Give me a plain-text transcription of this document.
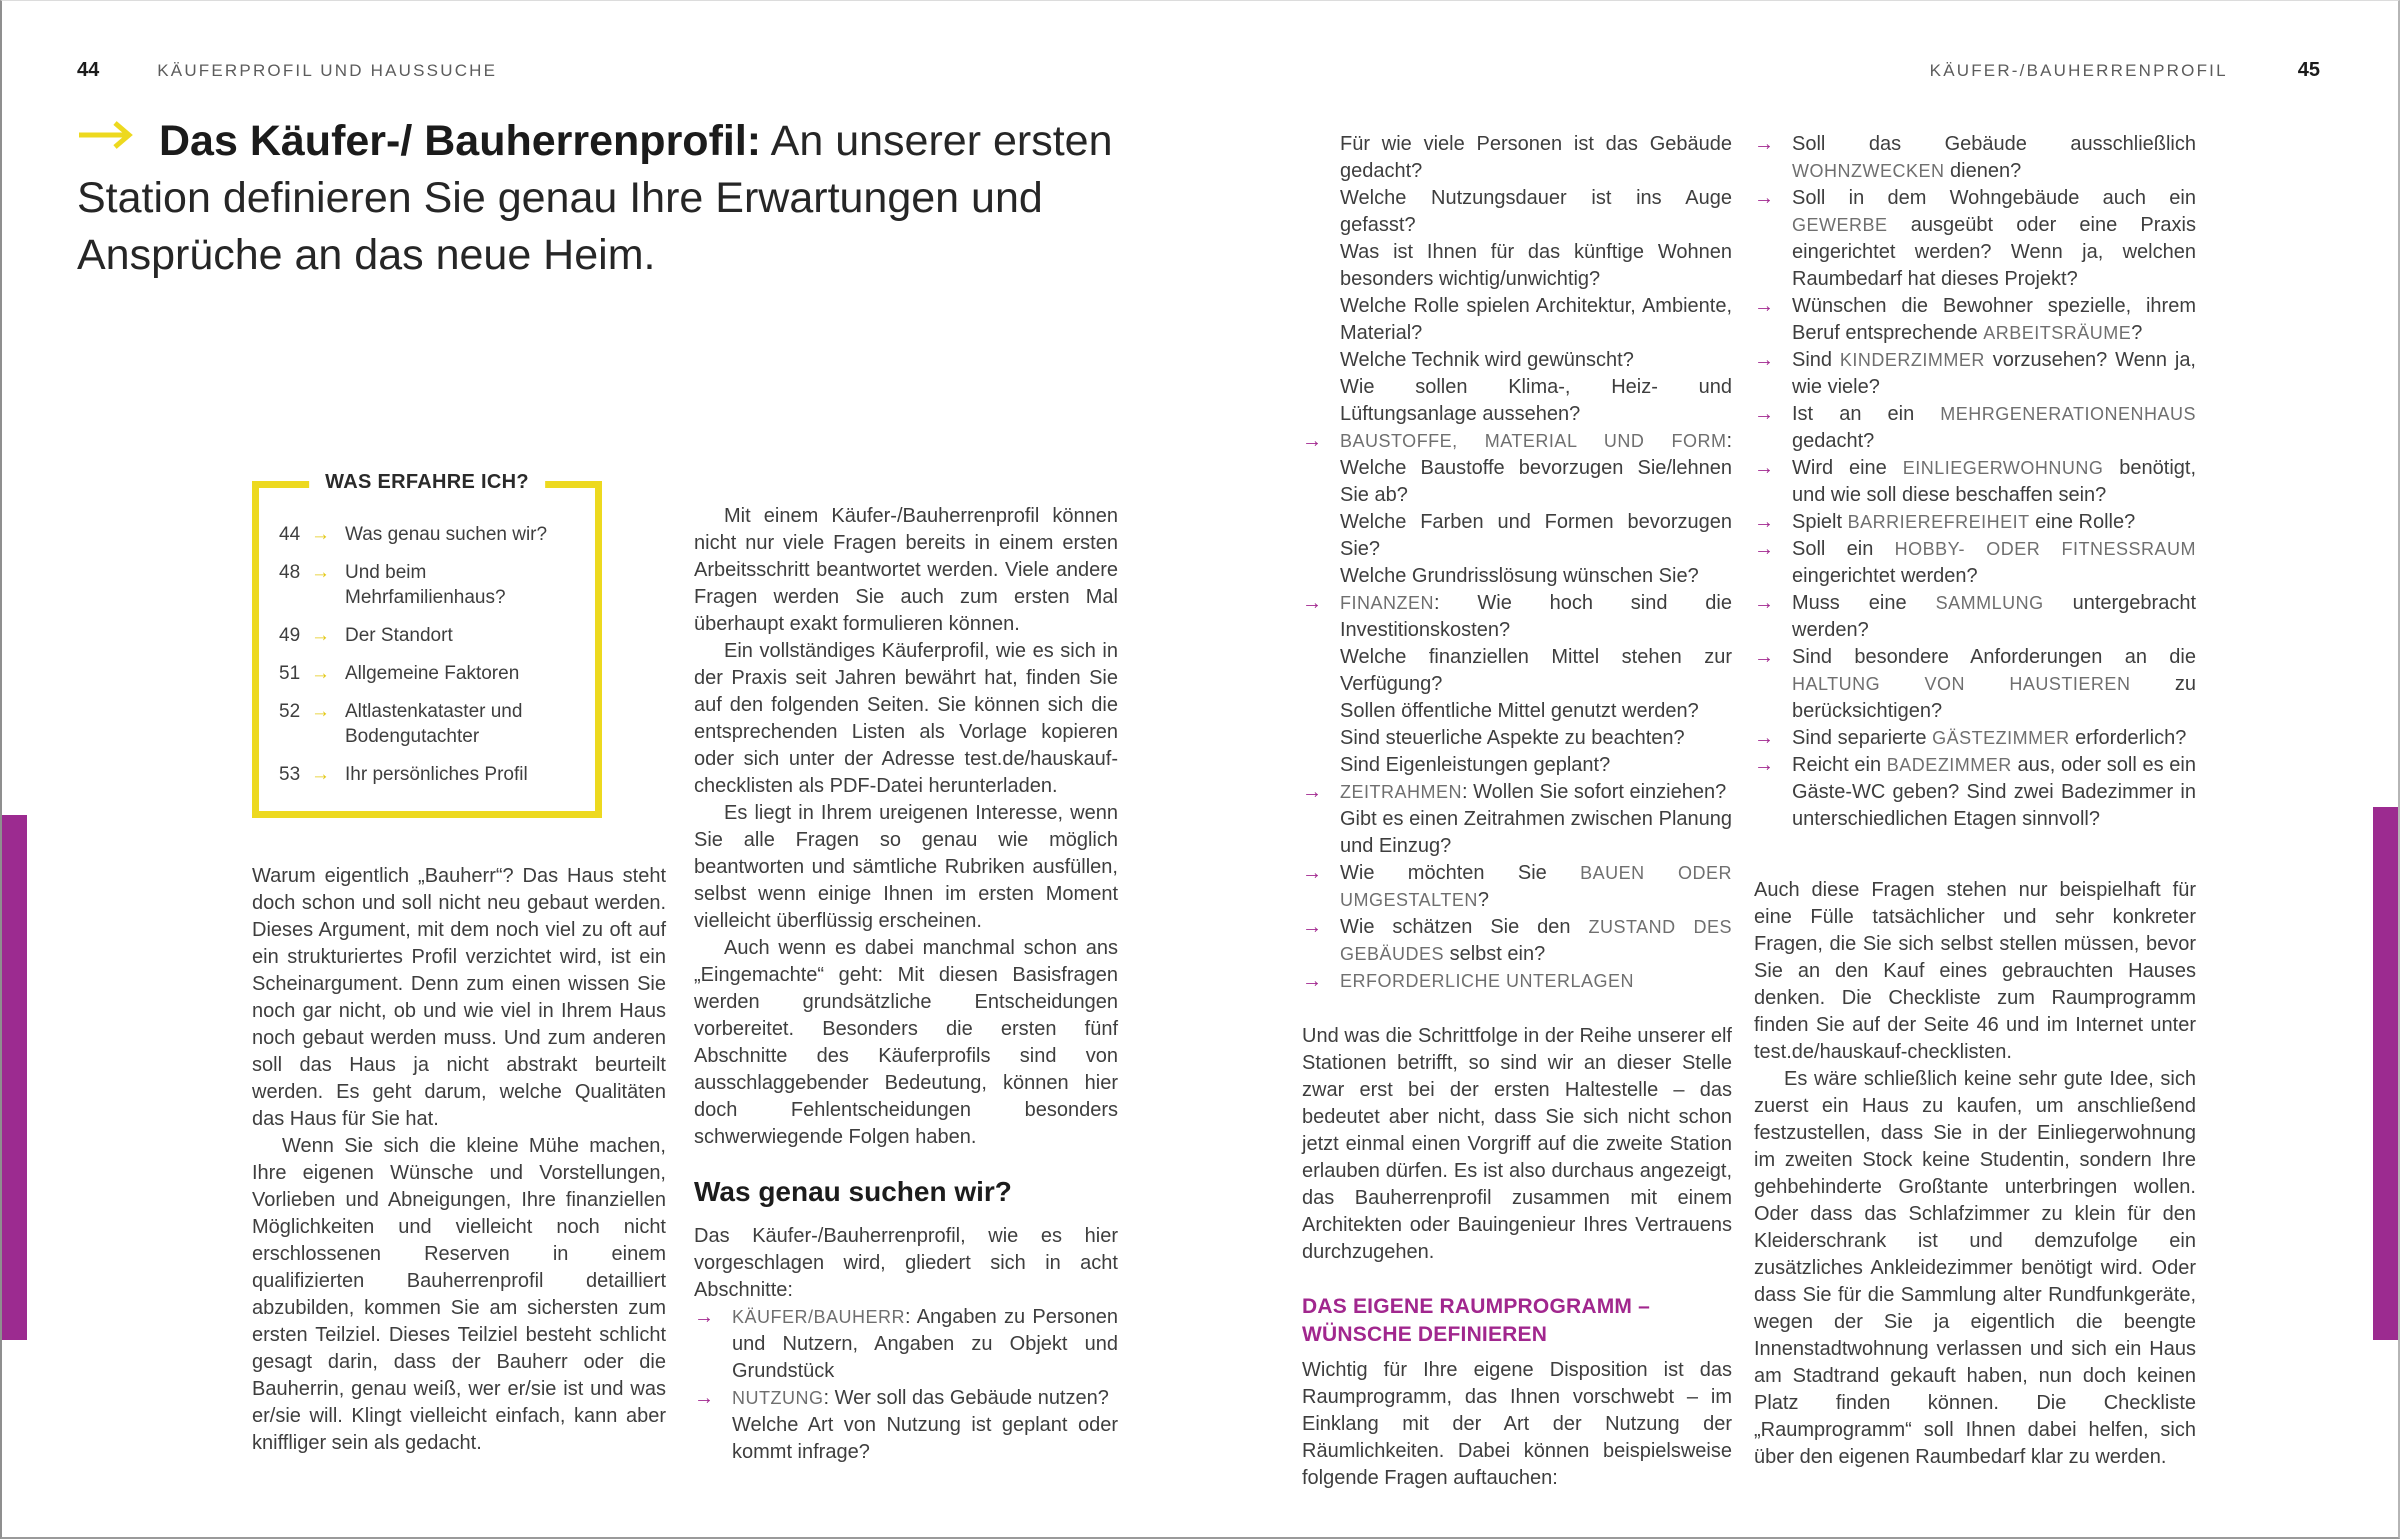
44	KÄUFERPROFIL UND HAUSSUCHE	KÄUFER-/BAUHERRENPROFIL	45
Das Käufer-/ Bauherrenprofil: An unserer ersten Station definieren Sie genau Ihre Erwartungen und Ansprüche an das neue Heim.
WAS ERFAHRE ICH?
44 → Was genau suchen wir?
48 → Und beim Mehrfamilienhaus?
49 → Der Standort
51 → Allgemeine Faktoren
52 → Altlastenkataster und Bodengutachter
53 → Ihr persönliches Profil

Warum eigentlich „Bauherr“? Das Haus steht doch schon und soll nicht neu gebaut werden. Dieses Argument, mit dem noch viel zu oft auf ein strukturiertes Profil verzichtet wird, ist ein Scheinargument. Denn zum einen wissen Sie noch gar nicht, ob und wie viel in Ihrem Haus noch gebaut werden muss. Und zum anderen soll das Haus ja nicht abstrakt beurteilt werden. Es geht darum, welche Qualitäten das Haus für Sie hat.

Wenn Sie sich die kleine Mühe machen, Ihre eigenen Wünsche und Vorstellungen, Vorlieben und Abneigungen, Ihre finanziellen Möglichkeiten und vielleicht noch nicht erschlossenen Reserven in einem qualifizierten Bauherrenprofil detailliert abzubilden, kommen Sie am sichersten zum ersten Teilziel. Dieses Teilziel besteht schlicht gesagt darin, dass der Bauherr oder die Bauherrin, genau weiß, wer er/sie ist und was er/sie will. Klingt vielleicht einfach, kann aber kniffliger sein als gedacht.

Mit einem Käufer-/Bauherrenprofil können nicht nur viele Fragen bereits in einem ersten Arbeitsschritt beantwortet werden. Viele andere Fragen werden Sie auch zum ersten Mal überhaupt exakt formulieren können.

Ein vollständiges Käuferprofil, wie es sich in der Praxis seit Jahren bewährt hat, finden Sie auf den folgenden Seiten. Sie können sich die entsprechenden Listen als Vorlage kopieren oder sich unter der Adresse test.de/hauskauf-checklisten als PDF-Datei herunterladen.

Es liegt in Ihrem ureigenen Interesse, wenn Sie alle Fragen so genau wie möglich beantworten und sämtliche Rubriken ausfüllen, selbst wenn einige Ihnen im ersten Moment vielleicht überflüssig erscheinen.

Auch wenn es dabei manchmal schon ans „Eingemachte“ geht: Mit diesen Basisfragen werden grundsätzliche Entscheidungen vorbereitet. Besonders die ersten fünf Abschnitte des Käuferprofils sind von ausschlaggebender Bedeutung, können hier doch Fehlentscheidungen besonders schwerwiegende Folgen haben.

Was genau suchen wir?

Das Käufer-/Bauherrenprofil, wie es hier vorgeschlagen wird, gliedert sich in acht Abschnitte:

→ KÄUFER/BAUHERR: Angaben zu Personen und Nutzern, Angaben zu Objekt und Grundstück
→ NUTZUNG: Wer soll das Gebäude nutzen?
Welche Art von Nutzung ist geplant oder kommt infrage?
Für wie viele Personen ist das Gebäude gedacht?
Welche Nutzungsdauer ist ins Auge gefasst?
Was ist Ihnen für das künftige Wohnen besonders wichtig/unwichtig?
Welche Rolle spielen Architektur, Ambiente, Material?
Welche Technik wird gewünscht?
Wie sollen Klima-, Heiz- und Lüftungsanlage aussehen?
→ BAUSTOFFE, MATERIAL UND FORM: Welche Baustoffe bevorzugen Sie/lehnen Sie ab?
Welche Farben und Formen bevorzugen Sie?
Welche Grundrisslösung wünschen Sie?
→ FINANZEN: Wie hoch sind die Investitionskosten?
Welche finanziellen Mittel stehen zur Verfügung?
Sollen öffentliche Mittel genutzt werden?
Sind steuerliche Aspekte zu beachten?
Sind Eigenleistungen geplant?
→ ZEITRAHMEN: Wollen Sie sofort einziehen?
Gibt es einen Zeitrahmen zwischen Planung und Einzug?
→ Wie möchten Sie BAUEN ODER UMGESTALTEN?
→ Wie schätzen Sie den ZUSTAND DES GEBÄUDES selbst ein?
→ ERFORDERLICHE UNTERLAGEN

Und was die Schrittfolge in der Reihe unserer elf Stationen betrifft, so sind wir an dieser Stelle zwar erst bei der ersten Haltestelle – das bedeutet aber nicht, dass Sie sich nicht schon jetzt einmal einen Vorgriff auf die zweite Station erlauben dürfen. Es ist also durchaus angezeigt, das Bauherrenprofil zusammen mit einem Architekten oder Bauingenieur Ihres Vertrauens durchzugehen.

DAS EIGENE RAUMPROGRAMM – WÜNSCHE DEFINIEREN

Wichtig für Ihre eigene Disposition ist das Raumprogramm, das Ihnen vorschwebt – im Einklang mit der Art der Nutzung der Räumlichkeiten. Dabei können beispielsweise folgende Fragen auftauchen:

→ Soll das Gebäude ausschließlich WOHNZWECKEN dienen?
→ Soll in dem Wohngebäude auch ein GEWERBE ausgeübt oder eine Praxis eingerichtet werden? Wenn ja, welchen Raumbedarf hat dieses Projekt?
→ Wünschen die Bewohner spezielle, ihrem Beruf entsprechende ARBEITSRÄUME?
→ Sind KINDERZIMMER vorzusehen? Wenn ja, wie viele?
→ Ist an ein MEHRGENERATIONENHAUS gedacht?
→ Wird eine EINLIEGERWOHNUNG benötigt, und wie soll diese beschaffen sein?
→ Spielt BARRIEREFREIHEIT eine Rolle?
→ Soll ein HOBBY- ODER FITNESSRAUM eingerichtet werden?
→ Muss eine SAMMLUNG untergebracht werden?
→ Sind besondere Anforderungen an die HALTUNG VON HAUSTIEREN zu berücksichtigen?
→ Sind separierte GÄSTEZIMMER erforderlich?
→ Reicht ein BADEZIMMER aus, oder soll es ein Gäste-WC geben? Sind zwei Badezimmer in unterschiedlichen Etagen sinnvoll?

Auch diese Fragen stehen nur beispielhaft für eine Fülle tatsächlicher und sehr konkreter Fragen, die Sie sich selbst stellen müssen, bevor Sie an den Kauf eines gebrauchten Hauses denken. Die Checkliste zum Raumprogramm finden Sie auf der Seite 46 und im Internet unter test.de/hauskauf-checklisten.

Es wäre schließlich keine sehr gute Idee, sich zuerst ein Haus zu kaufen, um anschließend festzustellen, dass Sie in der Einliegerwohnung im zweiten Stock keine Studentin, sondern Ihre gehbehinderte Großtante unterbringen wollen. Oder dass das Schlafzimmer zu klein für den Kleiderschrank ist und demzufolge ein zusätzliches Ankleidezimmer benötigt wird. Oder dass Sie für die Sammlung alter Rundfunkgeräte, wegen der Sie ja eigentlich die beengte Innenstadtwohnung verlassen und sich ein Haus am Stadtrand gekauft haben, nun doch keinen Platz finden können. Die Checkliste „Raumprogramm“ soll Ihnen dabei helfen, sich über den eigenen Raumbedarf klar zu werden.
